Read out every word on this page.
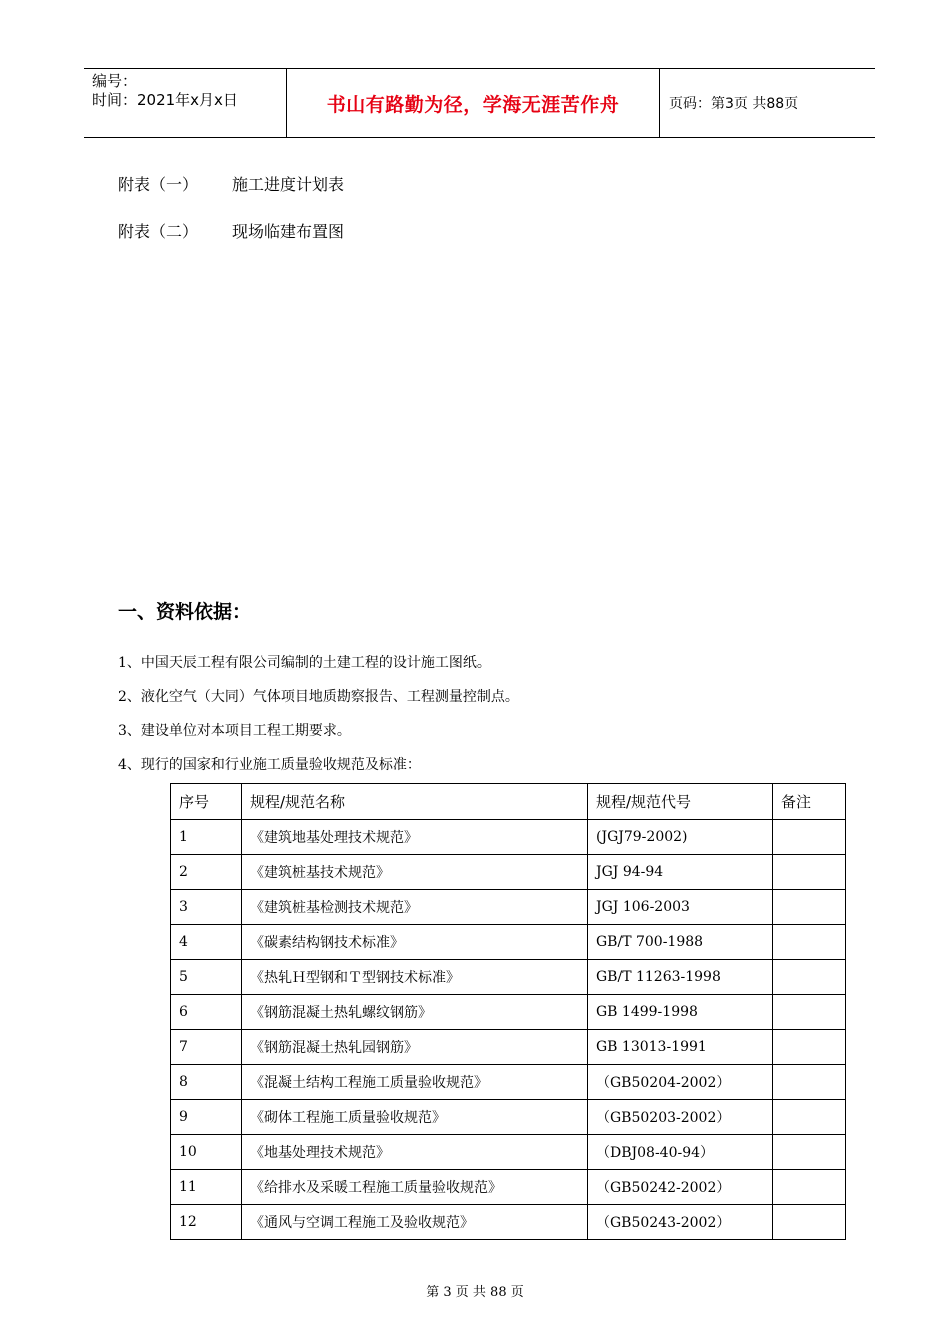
编号：
时间：2021年x月x日	书山有路勤为径，学海无涯苦作舟	页码：第3页 共88页
附表（一） 施工进度计划表
附表（二） 现场临建布置图
一、资料依据：
1、中国天辰工程有限公司编制的土建工程的设计施工图纸。
2、液化空气（大同）气体项目地质勘察报告、工程测量控制点。
3、建设单位对本项目工程工期要求。
4、现行的国家和行业施工质量验收规范及标准：
序号	规程/规范名称	规程/规范代号	备注
1	《建筑地基处理技术规范》	(JGJ79-2002)	
2	《建筑桩基技术规范》	JGJ 94-94	
3	《建筑桩基检测技术规范》	JGJ 106-2003	
4	《碳素结构钢技术标准》	GB/T 700-1988	
5	《热轧Ｈ型钢和Ｔ型钢技术标准》	GB/T 11263-1998	
6	《钢筋混凝土热轧螺纹钢筋》	GB 1499-1998	
7	《钢筋混凝土热轧园钢筋》	GB 13013-1991	
8	《混凝土结构工程施工质量验收规范》	（GB50204-2002）	
9	《砌体工程施工质量验收规范》	（GB50203-2002）	
10	《地基处理技术规范》	（DBJ08-40-94）	
11	《给排水及采暖工程施工质量验收规范》	（GB50242-2002）	
12	《通风与空调工程施工及验收规范》	（GB50243-2002）	
第 3 页 共 88 页
